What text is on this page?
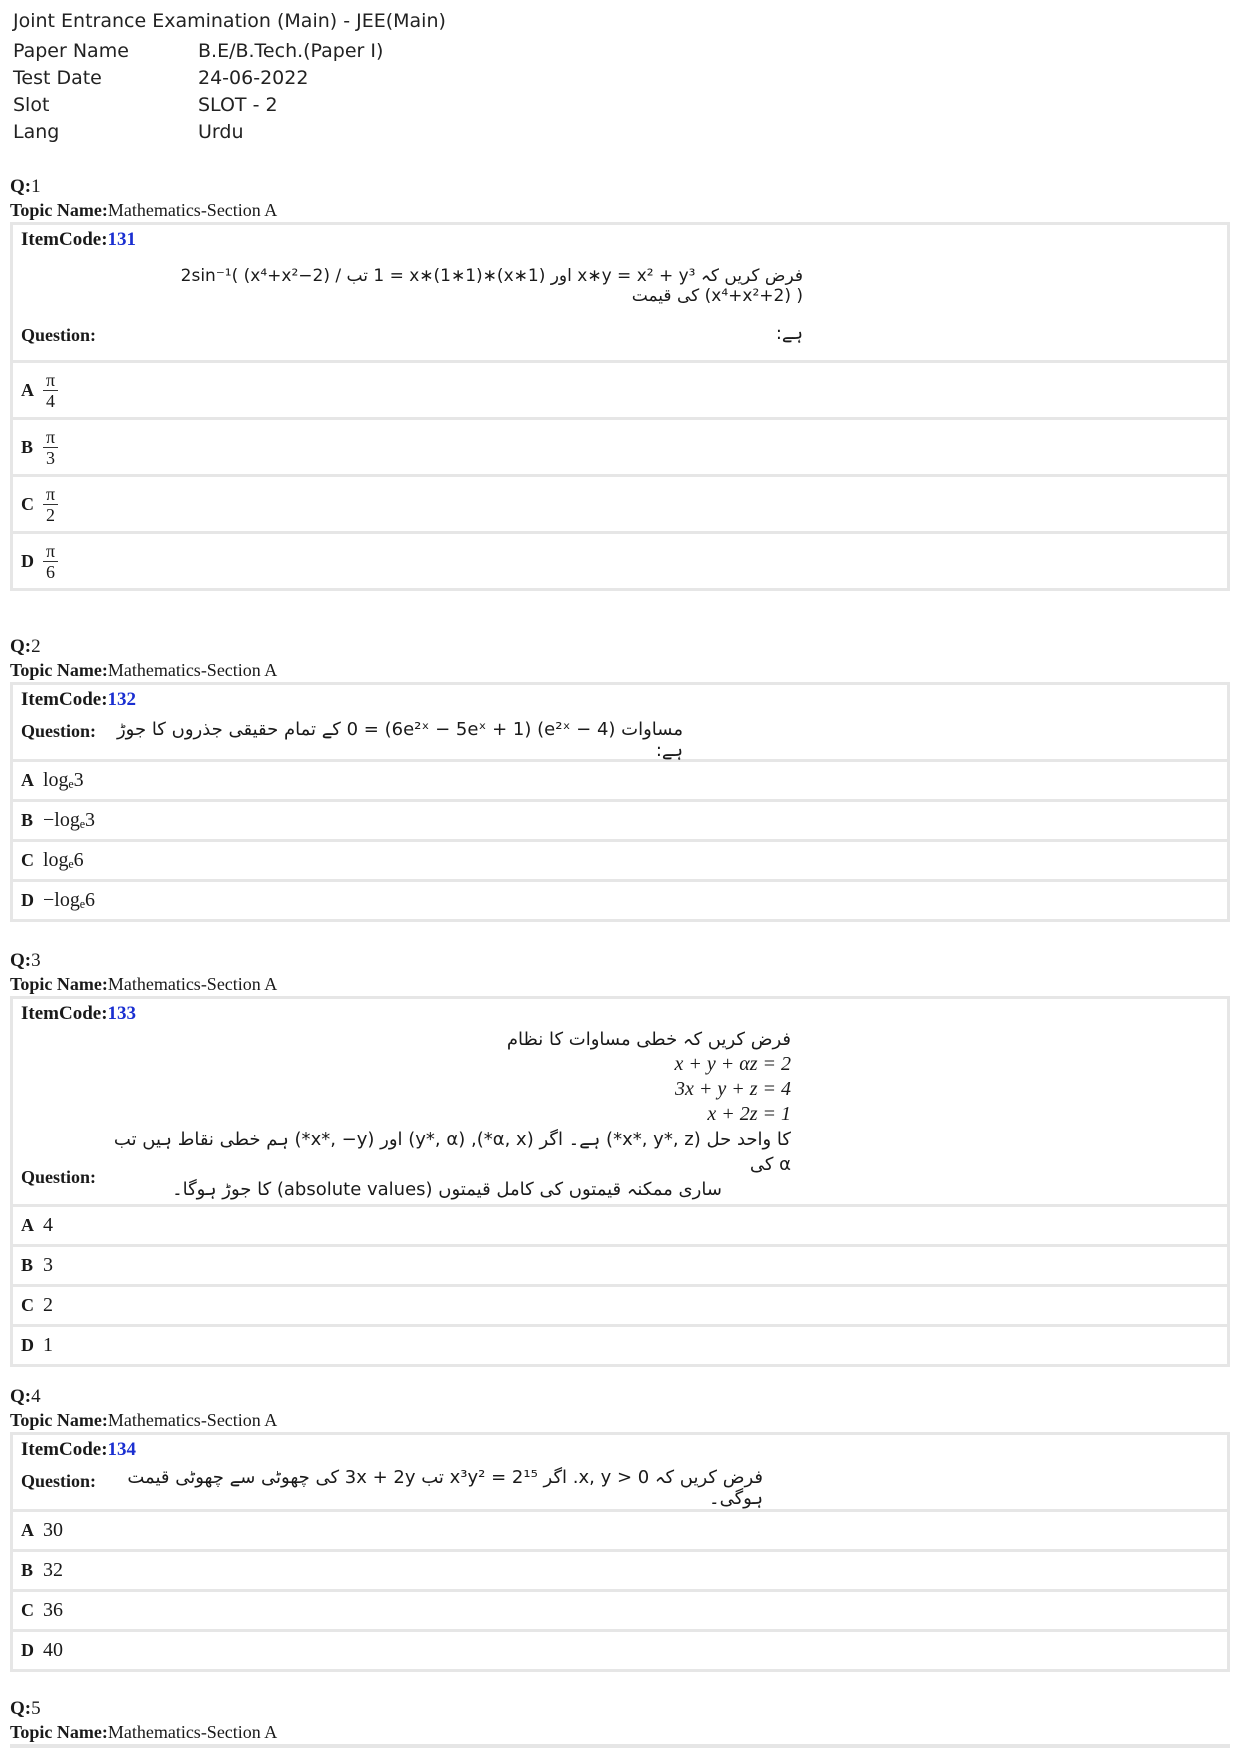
Joint Entrance Examination (Main) - JEE(Main)
Paper Name	B.E/B.Tech.(Paper I)
Test Date	24-06-2022
Slot	SLOT - 2
Lang	Urdu
Q:1
Topic Name:Mathematics-Section A
ItemCode:131
فرض کریں کہ x∗y = x² + y³ اور (x∗1)∗1 = x∗(1∗1) تب 2sin⁻¹( (x⁴+x²−2) / (x⁴+x²+2) ) کی قیمت
ہے:
Question:
A $\frac{\pi}{4}$
B $\frac{\pi}{3}$
C $\frac{\pi}{2}$
D $\frac{\pi}{6}$
Q:2
Topic Name:Mathematics-Section A
ItemCode:132
Question:	مساوات (e²ˣ − 4) (6e²ˣ − 5eˣ + 1) = 0 کے تمام حقیقی جذروں کا جوڑ ہے:
A logₑ3
B −logₑ3
C logₑ6
D −logₑ6
Q:3
Topic Name:Mathematics-Section A
ItemCode:133
فرض کریں کہ خطی مساوات کا نظام
x + y + αz = 2
3x + y + z = 4
x + 2z = 1
کا واحد حل (x*, y*, z*) ہے۔ اگر (α, x*), (y*, α) اور (x*, −y*) ہم خطی نقاط ہیں تب α کی
ساری ممکنہ قیمتوں کی کامل قیمتوں (absolute values) کا جوڑ ہوگا۔
Question:
A 4
B 3
C 2
D 1
Q:4
Topic Name:Mathematics-Section A
ItemCode:134
Question:	فرض کریں کہ x, y > 0. اگر x³y² = 2¹⁵ تب 3x + 2y کی چھوٹی سے چھوٹی قیمت ہوگی۔
A 30
B 32
C 36
D 40
Q:5
Topic Name:Mathematics-Section A
